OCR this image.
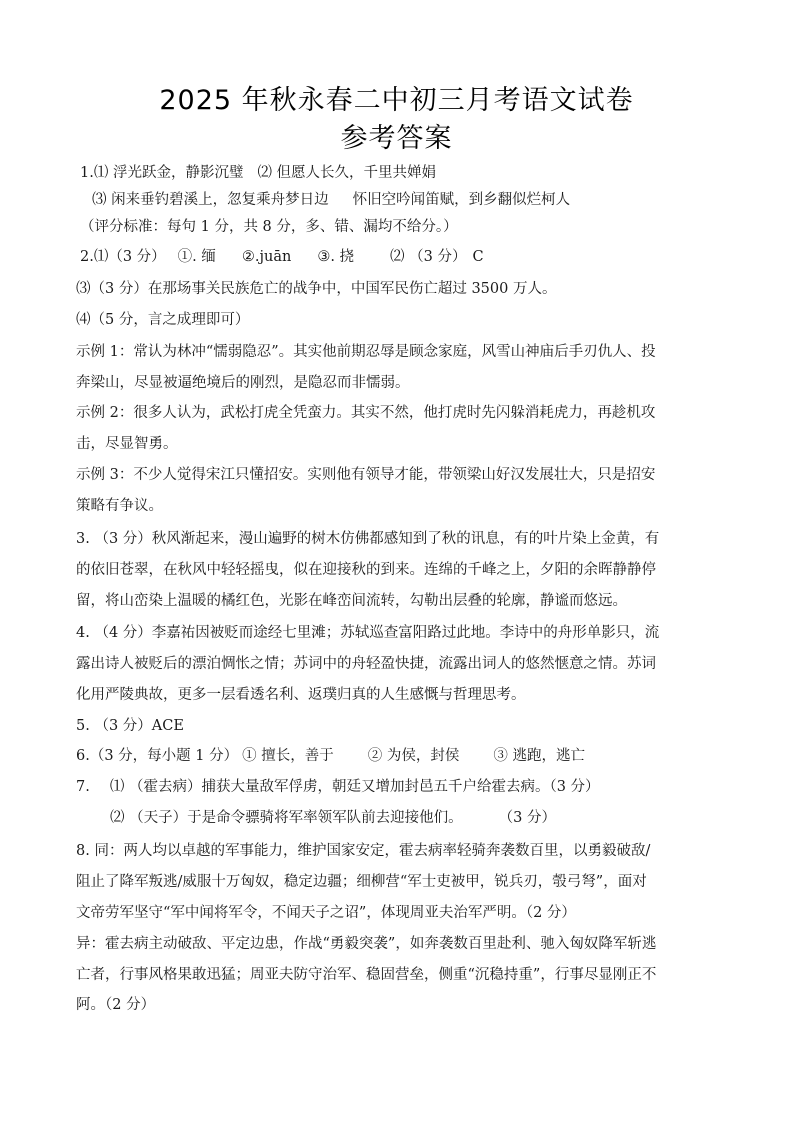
2025 年秋永春二中初三月考语文试卷
参考答案
1.⑴ 浮光跃金，静影沉璧 ⑵ 但愿人长久，千里共婵娟
⑶ 闲来垂钓碧溪上，忽复乘舟梦日边 怀旧空吟闻笛赋，到乡翻似烂柯人
（评分标准：每句 1 分，共 8 分，多、错、漏均不给分。）
2.⑴（3 分） ①. 缅 ②.juān ③. 挠 ⑵ （3 分） C
⑶（3 分）在那场事关民族危亡的战争中，中国军民伤亡超过 3500 万人。
⑷（5 分，言之成理即可）
示例 1：常认为林冲“懦弱隐忍”。其实他前期忍辱是顾念家庭，风雪山神庙后手刃仇人、投
奔梁山，尽显被逼绝境后的刚烈，是隐忍而非懦弱。
示例 2：很多人认为，武松打虎全凭蛮力。其实不然，他打虎时先闪躲消耗虎力，再趁机攻
击，尽显智勇。
示例 3：不少人觉得宋江只懂招安。实则他有领导才能，带领梁山好汉发展壮大，只是招安
策略有争议。
3. （3 分）秋风渐起来，漫山遍野的树木仿佛都感知到了秋的讯息，有的叶片染上金黄，有
的依旧苍翠，在秋风中轻轻摇曳，似在迎接秋的到来。连绵的千峰之上，夕阳的余晖静静停
留，将山峦染上温暖的橘红色，光影在峰峦间流转，勾勒出层叠的轮廓，静谧而悠远。
4. （4 分）李嘉祐因被贬而途经七里滩；苏轼巡查富阳路过此地。李诗中的舟形单影只，流
露出诗人被贬后的漂泊惆怅之情；苏词中的舟轻盈快捷，流露出词人的悠然惬意之情。苏词
化用严陵典故，更多一层看透名利、返璞归真的人生感慨与哲理思考。
5. （3 分）ACE
6.（3 分，每小题 1 分） ① 擅长，善于 ② 为侯，封侯 ③ 逃跑，逃亡
7. ⑴ （霍去病）捕获大量敌军俘虏，朝廷又增加封邑五千户给霍去病。（3 分）
⑵ （天子）于是命令骠骑将军率领军队前去迎接他们。 （3 分）
8. 同：两人均以卓越的军事能力，维护国家安定，霍去病率轻骑奔袭数百里，以勇毅破敌/
阻止了降军叛逃/威服十万匈奴，稳定边疆；细柳营“军士吏被甲，锐兵刃，彀弓弩”，面对
文帝劳军坚守“军中闻将军令，不闻天子之诏”，体现周亚夫治军严明。（2 分）
异：霍去病主动破敌、平定边患，作战“勇毅突袭”，如奔袭数百里赴利、驰入匈奴降军斩逃
亡者，行事风格果敢迅猛；周亚夫防守治军、稳固营垒，侧重“沉稳持重”，行事尽显刚正不
阿。（2 分）
